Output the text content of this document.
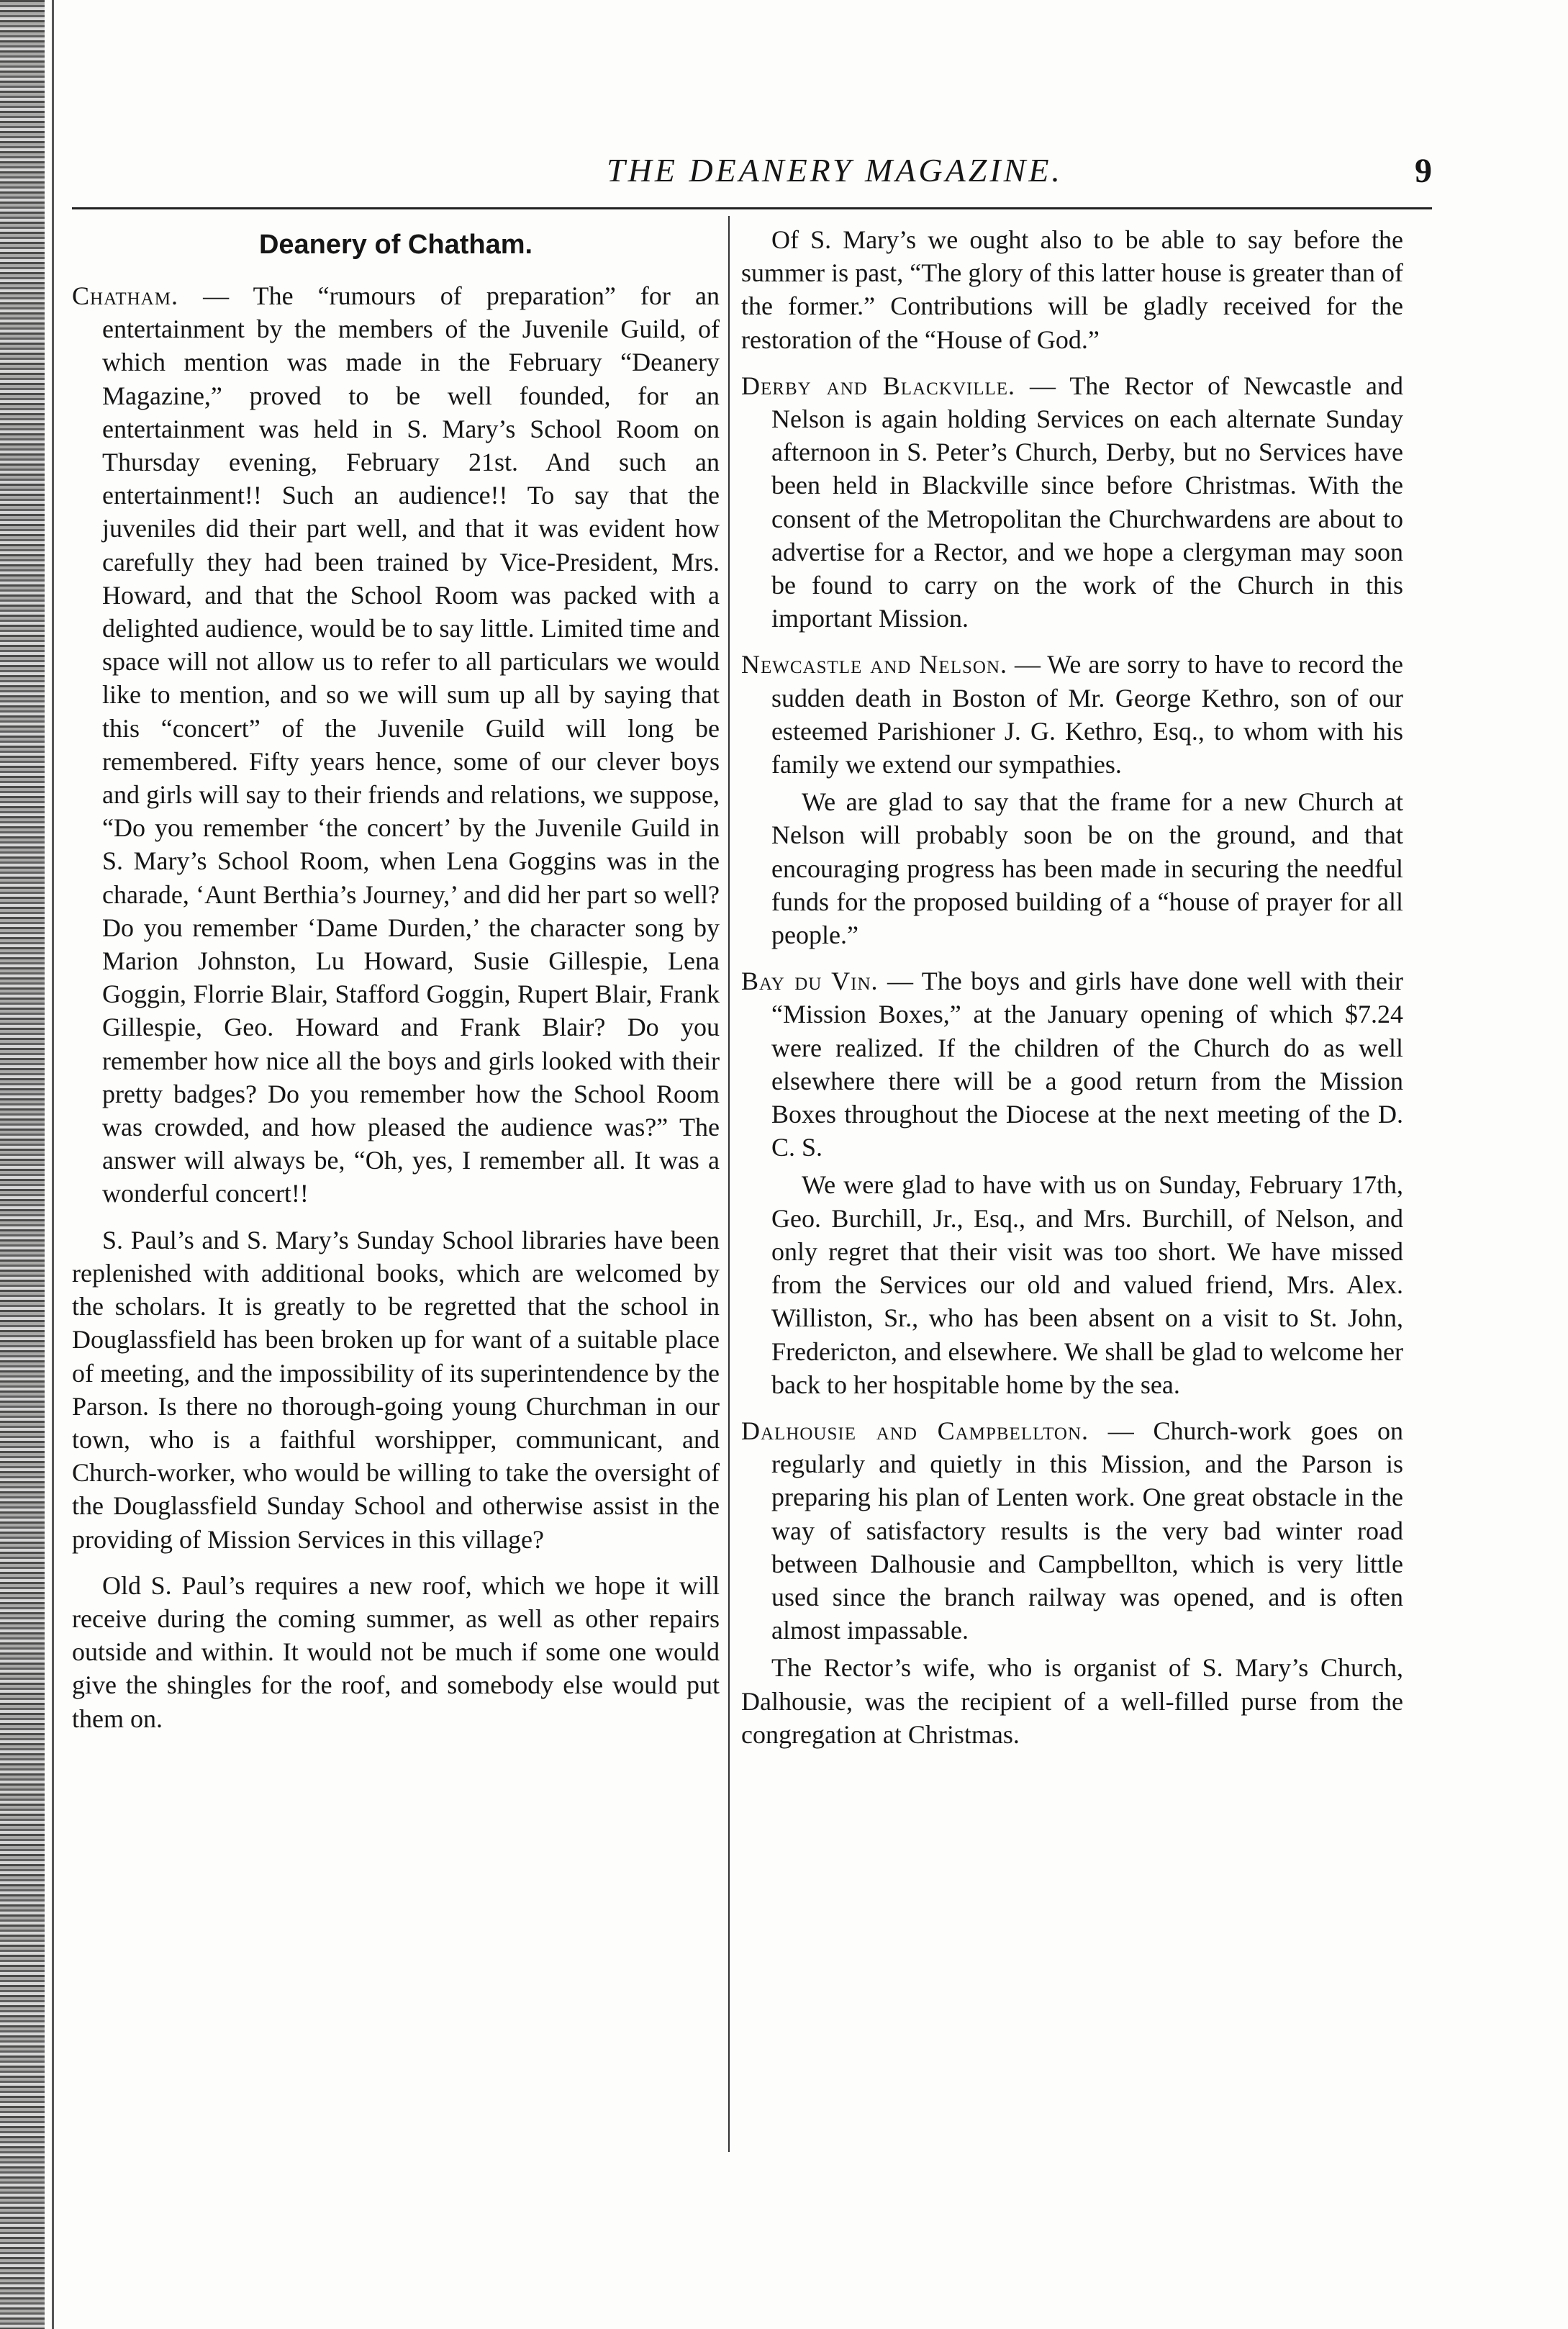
THE DEANERY MAGAZINE.	9
Deanery of Chatham.

Chatham. — The “rumours of preparation” for an entertainment by the members of the Juvenile Guild, of which mention was made in the February “Deanery Magazine,” proved to be well founded, for an entertainment was held in S. Mary’s School Room on Thursday evening, February 21st. And such an entertainment!! Such an audience!! To say that the juveniles did their part well, and that it was evident how carefully they had been trained by Vice-President, Mrs. Howard, and that the School Room was packed with a delighted audience, would be to say little. Limited time and space will not allow us to refer to all particulars we would like to mention, and so we will sum up all by saying that this “concert” of the Juvenile Guild will long be remembered. Fifty years hence, some of our clever boys and girls will say to their friends and relations, we suppose, “Do you remember ‘the concert’ by the Juvenile Guild in S. Mary’s School Room, when Lena Goggins was in the charade, ‘Aunt Berthia’s Journey,’ and did her part so well? Do you remember ‘Dame Durden,’ the character song by Marion Johnston, Lu Howard, Susie Gillespie, Lena Goggin, Florrie Blair, Stafford Goggin, Rupert Blair, Frank Gillespie, Geo. Howard and Frank Blair? Do you remember how nice all the boys and girls looked with their pretty badges? Do you remember how the School Room was crowded, and how pleased the audience was?” The answer will always be, “Oh, yes, I remember all. It was a wonderful concert!!

S. Paul’s and S. Mary’s Sunday School libraries have been replenished with additional books, which are welcomed by the scholars. It is greatly to be regretted that the school in Douglassfield has been broken up for want of a suitable place of meeting, and the impossibility of its superintendence by the Parson. Is there no thorough-going young Churchman in our town, who is a faithful worshipper, communicant, and Church-worker, who would be willing to take the oversight of the Douglassfield Sunday School and otherwise assist in the providing of Mission Services in this village?

Old S. Paul’s requires a new roof, which we hope it will receive during the coming summer, as well as other repairs outside and within. It would not be much if some one would give the shingles for the roof, and somebody else would put them on.

Of S. Mary’s we ought also to be able to say before the summer is past, “The glory of this latter house is greater than of the former.” Contributions will be gladly received for the restoration of the “House of God.”

Derby and Blackville. — The Rector of Newcastle and Nelson is again holding Services on each alternate Sunday afternoon in S. Peter’s Church, Derby, but no Services have been held in Blackville since before Christmas. With the consent of the Metropolitan the Churchwardens are about to advertise for a Rector, and we hope a clergyman may soon be found to carry on the work of the Church in this important Mission.

Newcastle and Nelson. — We are sorry to have to record the sudden death in Boston of Mr. George Kethro, son of our esteemed Parishioner J. G. Kethro, Esq., to whom with his family we extend our sympathies.

We are glad to say that the frame for a new Church at Nelson will probably soon be on the ground, and that encouraging progress has been made in securing the needful funds for the proposed building of a “house of prayer for all people.”

Bay du Vin. — The boys and girls have done well with their “Mission Boxes,” at the January opening of which $7.24 were realized. If the children of the Church do as well elsewhere there will be a good return from the Mission Boxes throughout the Diocese at the next meeting of the D. C. S.

We were glad to have with us on Sunday, February 17th, Geo. Burchill, Jr., Esq., and Mrs. Burchill, of Nelson, and only regret that their visit was too short. We have missed from the Services our old and valued friend, Mrs. Alex. Williston, Sr., who has been absent on a visit to St. John, Fredericton, and elsewhere. We shall be glad to welcome her back to her hospitable home by the sea.

Dalhousie and Campbellton. — Church-work goes on regularly and quietly in this Mission, and the Parson is preparing his plan of Lenten work. One great obstacle in the way of satisfactory results is the very bad winter road between Dalhousie and Campbellton, which is very little used since the branch railway was opened, and is often almost impassable.

The Rector’s wife, who is organist of S. Mary’s Church, Dalhousie, was the recipient of a well-filled purse from the congregation at Christmas.
